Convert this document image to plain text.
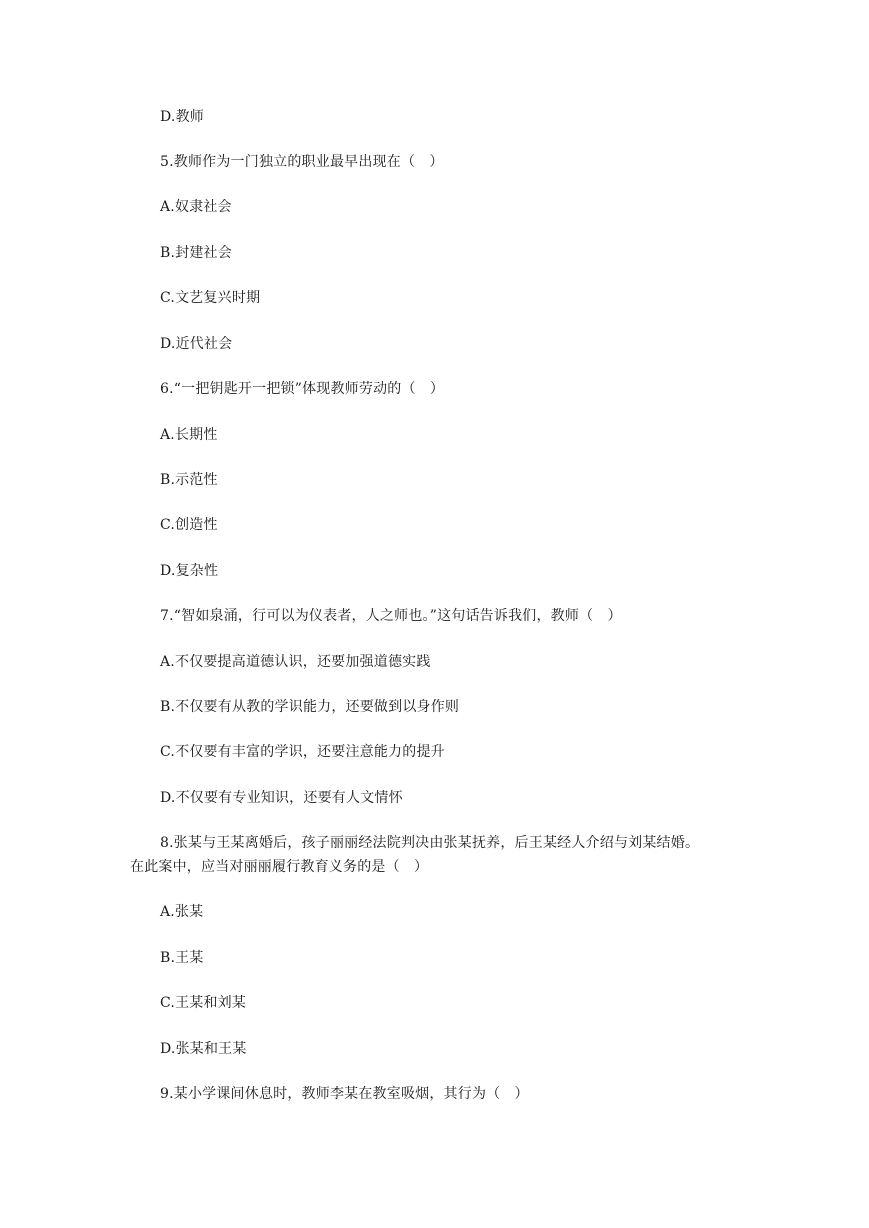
D.教师
5.教师作为一门独立的职业最早出现在（　）
A.奴隶社会
B.封建社会
C.文艺复兴时期
D.近代社会
6.“一把钥匙开一把锁”体现教师劳动的（　）
A.长期性
B.示范性
C.创造性
D.复杂性
7.“智如泉涌，行可以为仪表者，人之师也。”这句话告诉我们，教师（　）
A.不仅要提高道德认识，还要加强道德实践
B.不仅要有从教的学识能力，还要做到以身作则
C.不仅要有丰富的学识，还要注意能力的提升
D.不仅要有专业知识，还要有人文情怀
8.张某与王某离婚后，孩子丽丽经法院判决由张某抚养，后王某经人介绍与刘某结婚。
在此案中，应当对丽丽履行教育义务的是（　）
A.张某
B.王某
C.王某和刘某
D.张某和王某
9.某小学课间休息时，教师李某在教室吸烟，其行为（　）
